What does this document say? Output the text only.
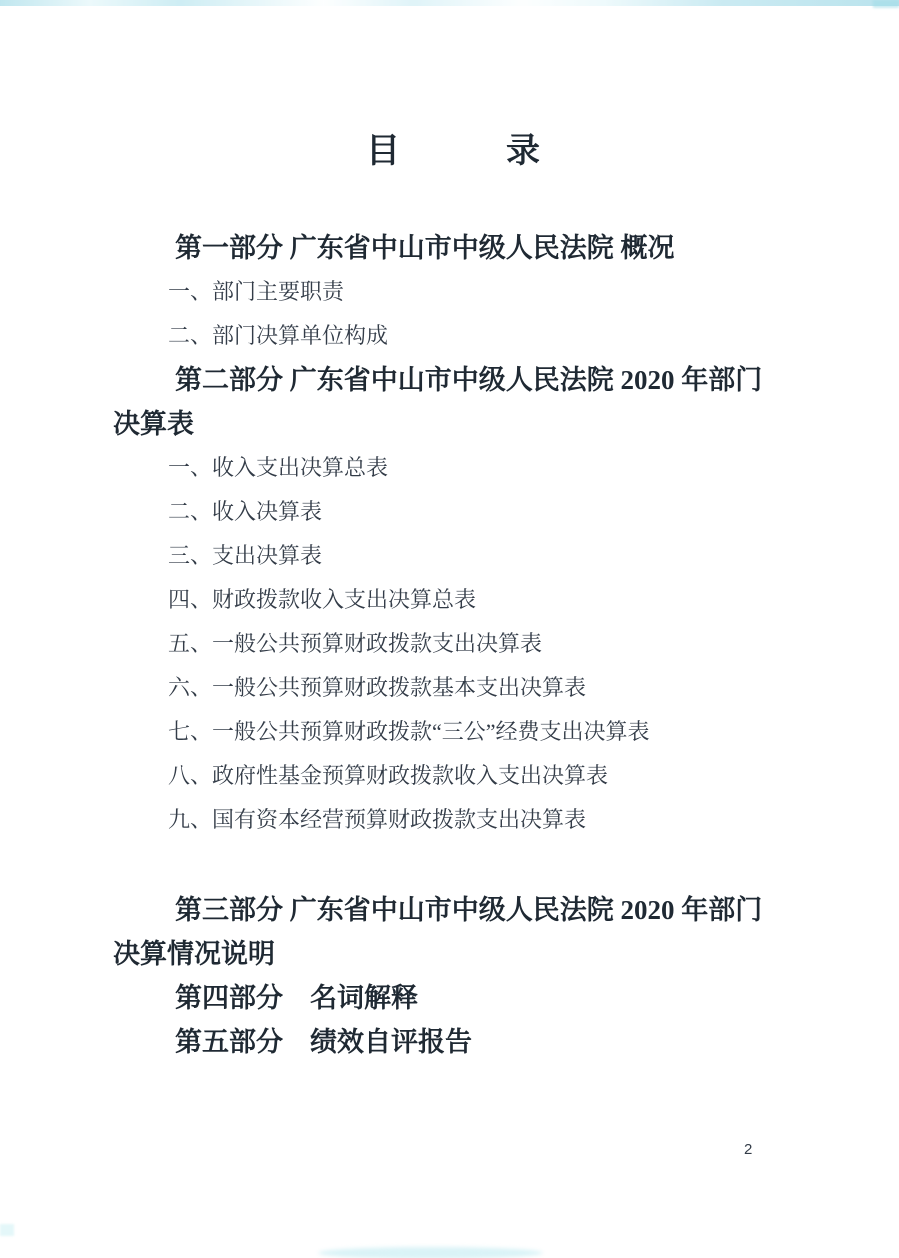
目　　　录
第一部分 广东省中山市中级人民法院 概况
一、部门主要职责
二、部门决算单位构成
第二部分 广东省中山市中级人民法院 2020 年部门
决算表
一、收入支出决算总表
二、收入决算表
三、支出决算表
四、财政拨款收入支出决算总表
五、一般公共预算财政拨款支出决算表
六、一般公共预算财政拨款基本支出决算表
七、一般公共预算财政拨款“三公”经费支出决算表
八、政府性基金预算财政拨款收入支出决算表
九、国有资本经营预算财政拨款支出决算表
第三部分 广东省中山市中级人民法院 2020 年部门
决算情况说明
第四部分　名词解释
第五部分　绩效自评报告
2
